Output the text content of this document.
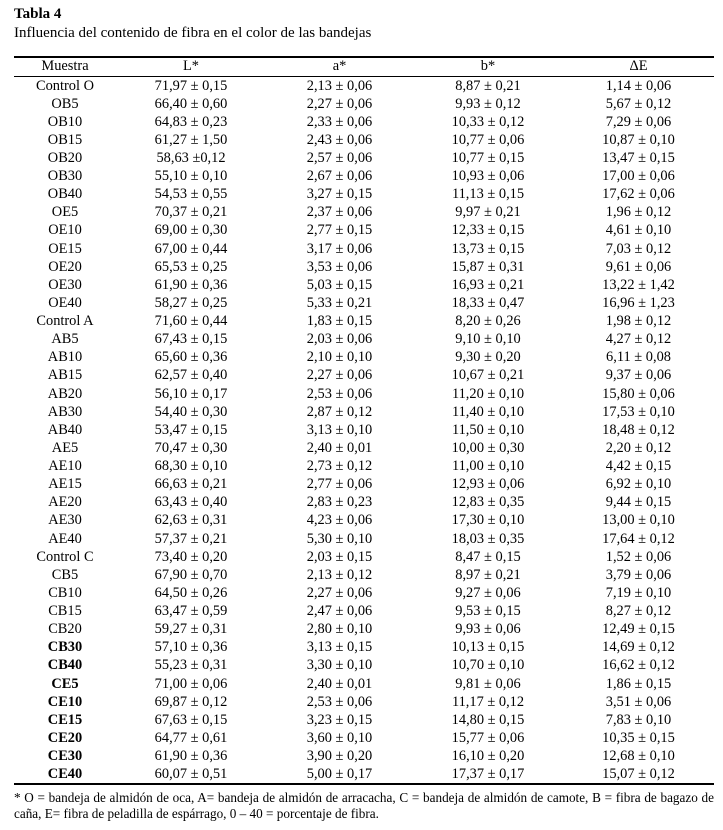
Tabla 4
Influencia del contenido de fibra en el color de las bandejas
Muestra	L*	a*	b*	ΔE
Control O	71,97 ± 0,15	2,13 ± 0,06	8,87 ± 0,21	1,14 ± 0,06
OB5	66,40 ± 0,60	2,27 ± 0,06	9,93 ± 0,12	5,67 ± 0,12
OB10	64,83 ± 0,23	2,33 ± 0,06	10,33 ± 0,12	7,29 ± 0,06
OB15	61,27 ± 1,50	2,43 ± 0,06	10,77 ± 0,06	10,87 ± 0,10
OB20	58,63 ±0,12	2,57 ± 0,06	10,77 ± 0,15	13,47 ± 0,15
OB30	55,10 ± 0,10	2,67 ± 0,06	10,93 ± 0,06	17,00 ± 0,06
OB40	54,53 ± 0,55	3,27 ± 0,15	11,13 ± 0,15	17,62 ± 0,06
OE5	70,37 ± 0,21	2,37 ± 0,06	9,97 ± 0,21	1,96 ± 0,12
OE10	69,00 ± 0,30	2,77 ± 0,15	12,33 ± 0,15	4,61 ± 0,10
OE15	67,00 ± 0,44	3,17 ± 0,06	13,73 ± 0,15	7,03 ± 0,12
OE20	65,53 ± 0,25	3,53 ± 0,06	15,87 ± 0,31	9,61 ± 0,06
OE30	61,90 ± 0,36	5,03 ± 0,15	16,93 ± 0,21	13,22 ± 1,42
OE40	58,27 ± 0,25	5,33 ± 0,21	18,33 ± 0,47	16,96 ± 1,23
Control A	71,60 ± 0,44	1,83 ± 0,15	8,20 ± 0,26	1,98 ± 0,12
AB5	67,43 ± 0,15	2,03 ± 0,06	9,10 ± 0,10	4,27 ± 0,12
AB10	65,60 ± 0,36	2,10 ± 0,10	9,30 ± 0,20	6,11 ± 0,08
AB15	62,57 ± 0,40	2,27 ± 0,06	10,67 ± 0,21	9,37 ± 0,06
AB20	56,10 ± 0,17	2,53 ± 0,06	11,20 ± 0,10	15,80 ± 0,06
AB30	54,40 ± 0,30	2,87 ± 0,12	11,40 ± 0,10	17,53 ± 0,10
AB40	53,47 ± 0,15	3,13 ± 0,10	11,50 ± 0,10	18,48 ± 0,12
AE5	70,47 ± 0,30	2,40 ± 0,01	10,00 ± 0,30	2,20 ± 0,12
AE10	68,30 ± 0,10	2,73 ± 0,12	11,00 ± 0,10	4,42 ± 0,15
AE15	66,63 ± 0,21	2,77 ± 0,06	12,93 ± 0,06	6,92 ± 0,10
AE20	63,43 ± 0,40	2,83 ± 0,23	12,83 ± 0,35	9,44 ± 0,15
AE30	62,63 ± 0,31	4,23 ± 0,06	17,30 ± 0,10	13,00 ± 0,10
AE40	57,37 ± 0,21	5,30 ± 0,10	18,03 ± 0,35	17,64 ± 0,12
Control C	73,40 ± 0,20	2,03 ± 0,15	8,47 ± 0,15	1,52 ± 0,06
CB5	67,90 ± 0,70	2,13 ± 0,12	8,97 ± 0,21	3,79 ± 0,06
CB10	64,50 ± 0,26	2,27 ± 0,06	9,27 ± 0,06	7,19 ± 0,10
CB15	63,47 ± 0,59	2,47 ± 0,06	9,53 ± 0,15	8,27 ± 0,12
CB20	59,27 ± 0,31	2,80 ± 0,10	9,93 ± 0,06	12,49 ± 0,15
CB30	57,10 ± 0,36	3,13 ± 0,15	10,13 ± 0,15	14,69 ± 0,12
CB40	55,23 ± 0,31	3,30 ± 0,10	10,70 ± 0,10	16,62 ± 0,12
CE5	71,00 ± 0,06	2,40 ± 0,01	9,81 ± 0,06	1,86 ± 0,15
CE10	69,87 ± 0,12	2,53 ± 0,06	11,17 ± 0,12	3,51 ± 0,06
CE15	67,63 ± 0,15	3,23 ± 0,15	14,80 ± 0,15	7,83 ± 0,10
CE20	64,77 ± 0,61	3,60 ± 0,10	15,77 ± 0,06	10,35 ± 0,15
CE30	61,90 ± 0,36	3,90 ± 0,20	16,10 ± 0,20	12,68 ± 0,10
CE40	60,07 ± 0,51	5,00 ± 0,17	17,37 ± 0,17	15,07 ± 0,12
* O = bandeja de almidón de oca, A= bandeja de almidón de arracacha, C = bandeja de almidón de camote, B = fibra de bagazo de caña, E= fibra de peladilla de espárrago, 0 – 40 = porcentaje de fibra.
